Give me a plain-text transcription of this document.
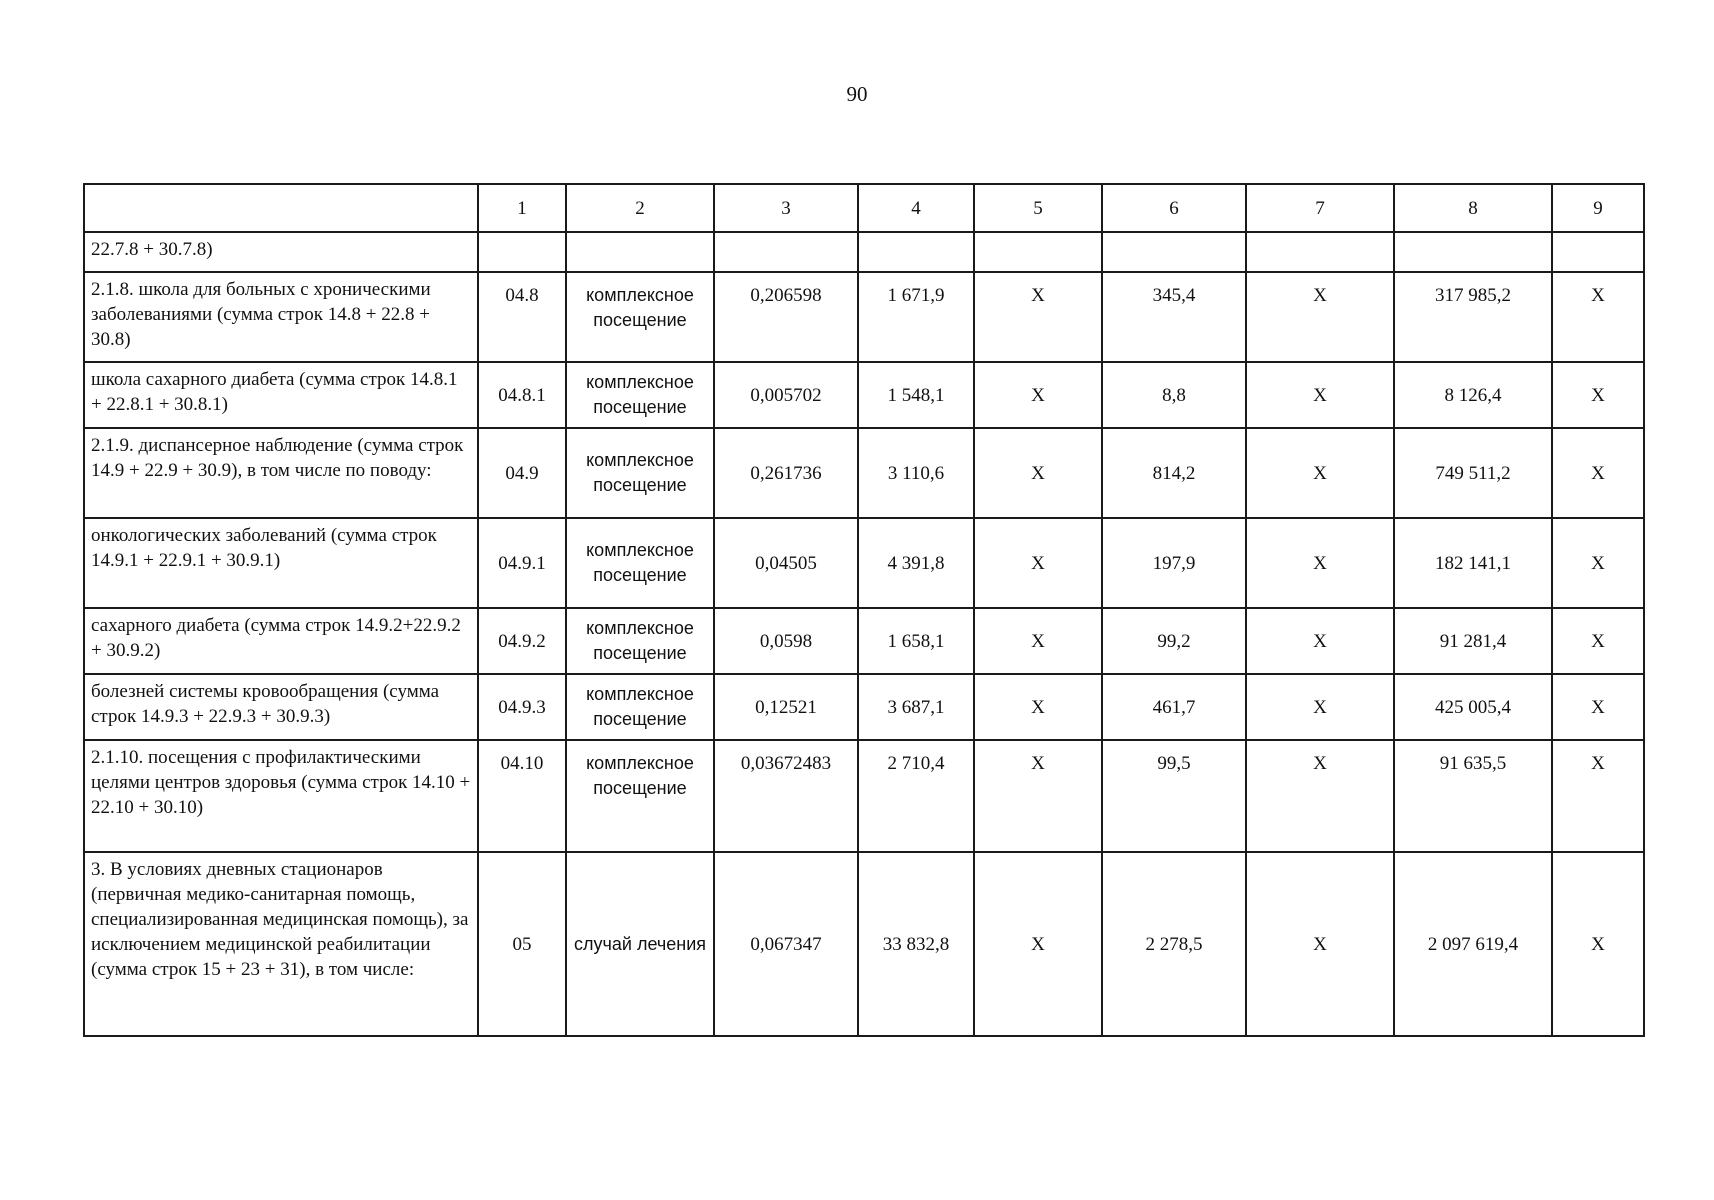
90
	1	2	3	4	5	6	7	8	9
22.7.8 + 30.7.8)									
2.1.8. школа для больных с хроническими заболеваниями (сумма строк 14.8 + 22.8 + 30.8)	04.8	комплексное посещение	0,206598	1 671,9	Х	345,4	Х	317 985,2	Х
школа сахарного диабета (сумма строк 14.8.1 + 22.8.1 + 30.8.1)	04.8.1	комплексное посещение	0,005702	1 548,1	Х	8,8	Х	8 126,4	Х
2.1.9. диспансерное наблюдение (сумма строк 14.9 + 22.9 + 30.9), в том числе по поводу:	04.9	комплексное посещение	0,261736	3 110,6	Х	814,2	Х	749 511,2	Х
онкологических заболеваний (сумма строк 14.9.1 + 22.9.1 + 30.9.1)	04.9.1	комплексное посещение	0,04505	4 391,8	Х	197,9	Х	182 141,1	Х
сахарного диабета (сумма строк 14.9.2+22.9.2 + 30.9.2)	04.9.2	комплексное посещение	0,0598	1 658,1	Х	99,2	Х	91 281,4	Х
болезней системы кровообращения (сумма строк 14.9.3 + 22.9.3 + 30.9.3)	04.9.3	комплексное посещение	0,12521	3 687,1	Х	461,7	Х	425 005,4	Х
2.1.10. посещения с профилактическими целями центров здоровья (сумма строк 14.10 + 22.10 + 30.10)	04.10	комплексное посещение	0,03672483	2 710,4	Х	99,5	Х	91 635,5	Х
3. В условиях дневных стационаров (первичная медико-санитарная помощь, специализированная медицинская помощь), за исключением медицинской реабилитации (сумма строк 15 + 23 + 31), в том числе:	05	случай лечения	0,067347	33 832,8	Х	2 278,5	Х	2 097 619,4	Х
